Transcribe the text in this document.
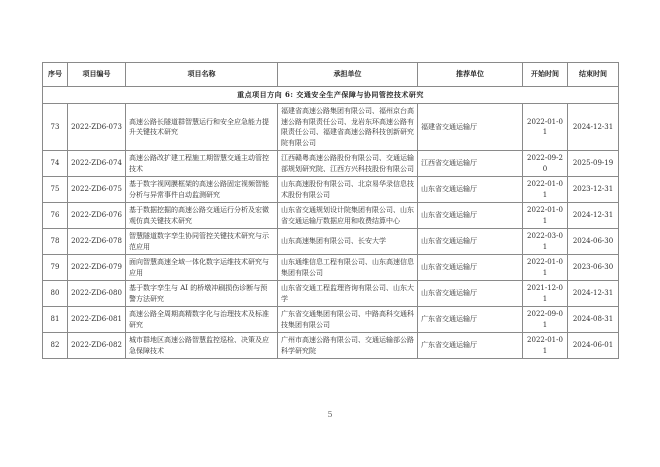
序号	项目编号	项目名称	承担单位	推荐单位	开始时间	结束时间
重点项目方向 6: 交通安全生产保障与协同管控技术研究						
73	2022-ZD6-073	高速公路长隧道群智慧运行和安全应急能力提升关键技术研究	福建省高速公路集团有限公司、福州京台高速公路有限责任公司、龙岩东环高速公路有限责任公司、福建省高速公路科技创新研究院有限公司	福建省交通运输厅	2022-01-01	2024-12-31
74	2022-ZD6-074	高速公路改扩建工程施工期智慧交通主动管控技术	江西赣粤高速公路股份有限公司、交通运输部规划研究院、江西方兴科技股份有限公司	江西省交通运输厅	2022-09-20	2025-09-19
75	2022-ZD6-075	基于数字视网膜框架的高速公路固定视频智能分析与异常事件自动监测研究	山东高速股份有限公司、北京易华录信息技术股份有限公司	山东省交通运输厅	2022-01-01	2023-12-31
76	2022-ZD6-076	基于数据挖掘的高速公路交通运行分析及宏微观仿真关键技术研究	山东省交通规划设计院集团有限公司、山东省交通运输厅数据应用和收费结算中心	山东省交通运输厅	2022-01-01	2024-12-31
78	2022-ZD6-078	智慧隧道数字孪生协同管控关键技术研究与示范应用	山东高速集团有限公司、长安大学	山东省交通运输厅	2022-03-01	2024-06-30
79	2022-ZD6-079	面向智慧高速全域一体化数字运维技术研究与应用	山东通维信息工程有限公司、山东高速信息集团有限公司	山东省交通运输厅	2022-01-01	2023-06-30
80	2022-ZD6-080	基于数字孪生与 AI 的桥墩冲刷损伤诊断与预警方法研究	山东省交通工程监理咨询有限公司、山东大学	山东省交通运输厅	2021-12-01	2024-12-31
81	2022-ZD6-081	高速公路全周期高精数字化与治理技术及标准研究	广东省交通集团有限公司、中路高科交通科技集团有限公司	广东省交通运输厅	2022-09-01	2024-08-31
82	2022-ZD6-082	城市群地区高速公路智慧监控巡检、决策及应急保障技术	广州市高速公路有限公司、交通运输部公路科学研究院	广东省交通运输厅	2022-01-01	2024-06-01
5
